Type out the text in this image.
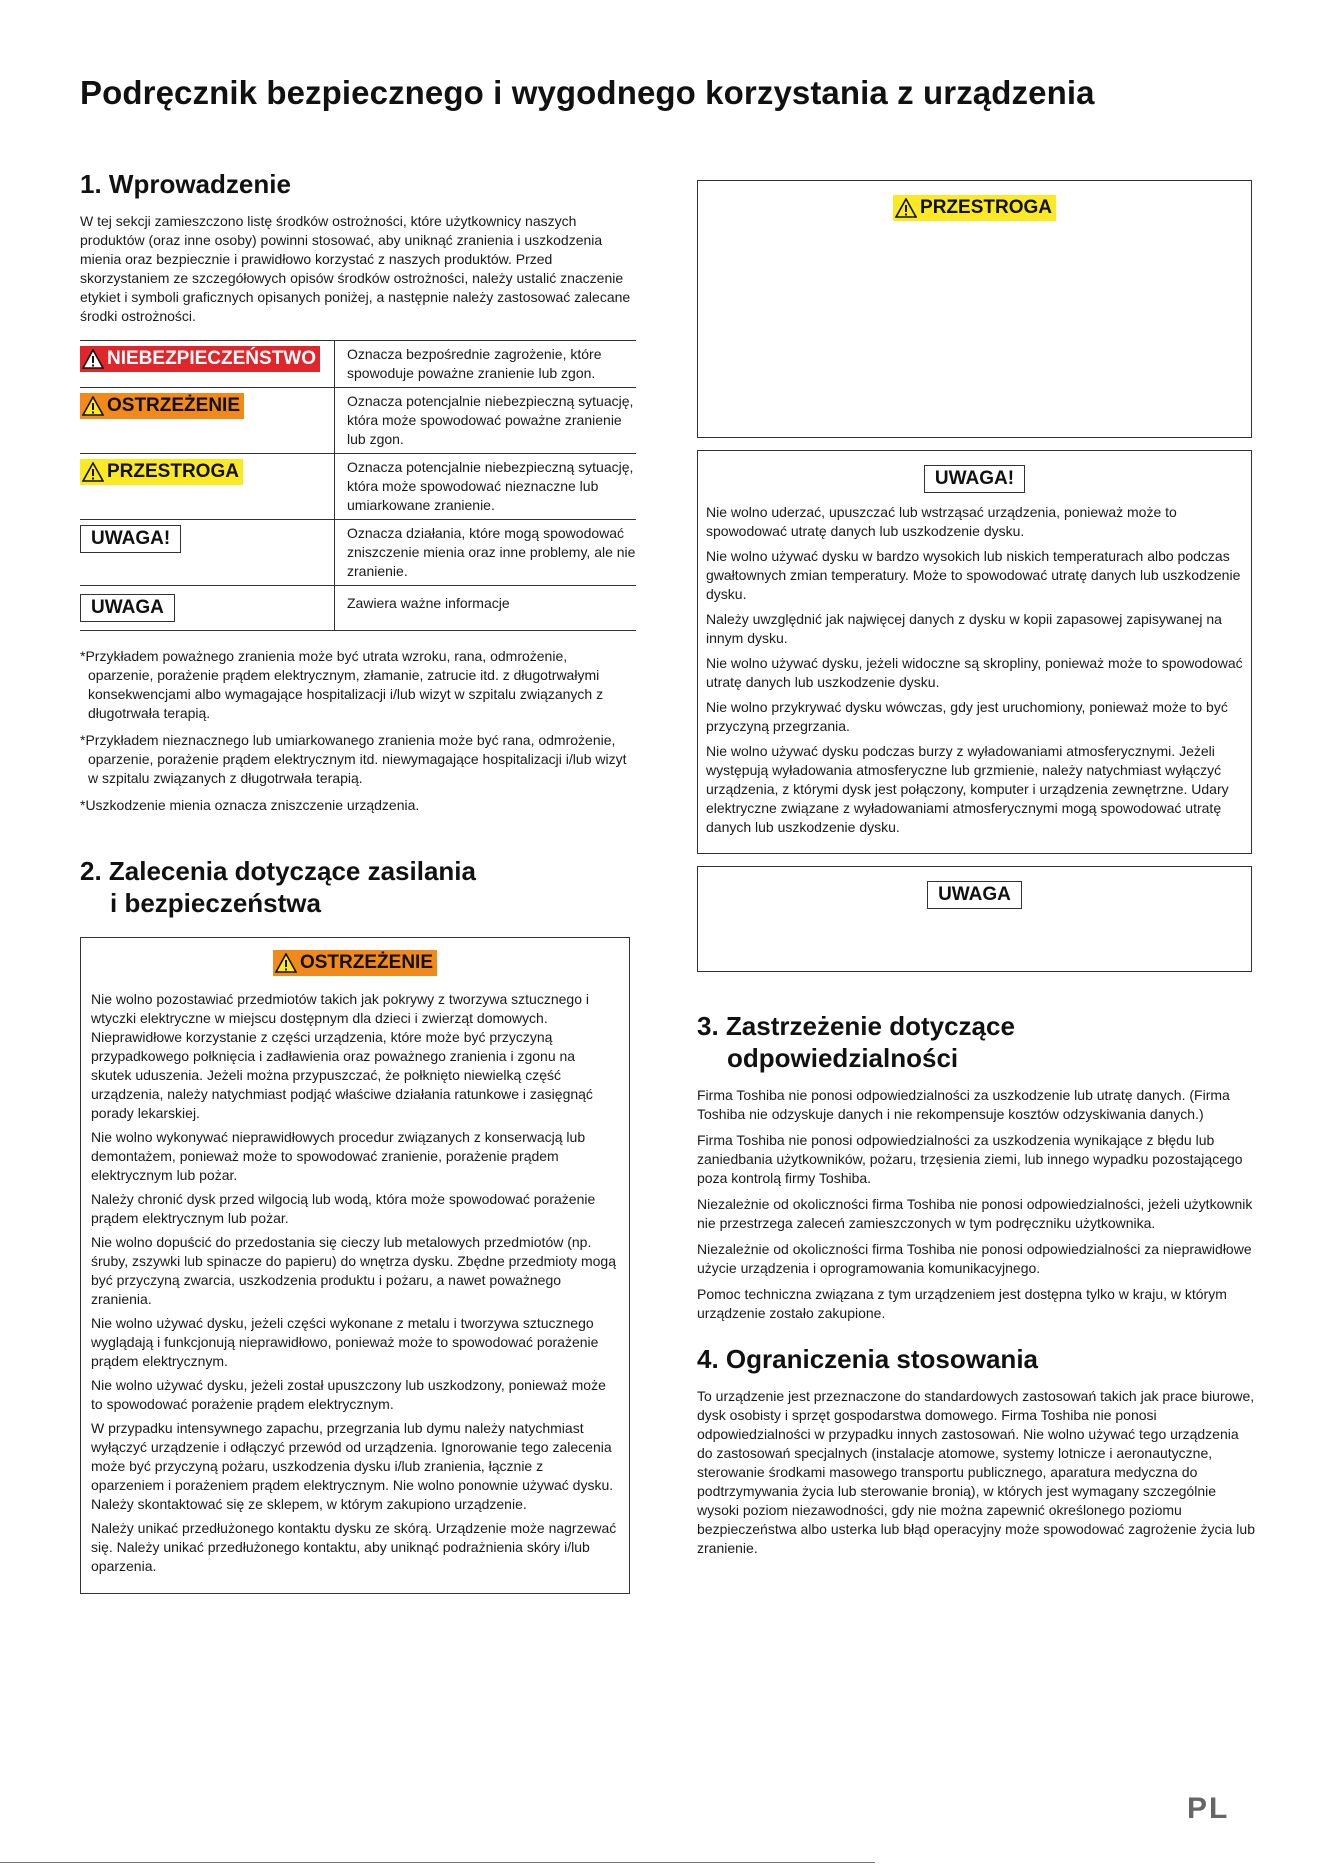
Podręcznik bezpiecznego i wygodnego korzystania z urządzenia
1. Wprowadzenie

W tej sekcji zamieszczono listę środków ostrożności, które użytkownicy naszych produktów (oraz inne osoby) powinni stosować, aby uniknąć zranienia i uszkodzenia mienia oraz bezpiecznie i prawidłowo korzystać z naszych produktów. Przed skorzystaniem ze szczegółowych opisów środków ostrożności, należy ustalić znaczenie etykiet i symboli graficznych opisanych poniżej, a następnie należy zastosować zalecane środki ostrożności.

NIEBEZPIECZEŃSTWO	Oznacza bezpośrednie zagrożenie, które spowoduje poważne zranienie lub zgon.

OSTRZEŻENIE	Oznacza potencjalnie niebezpieczną sytuację, która może spowodować poważne zranienie lub zgon.

PRZESTROGA	Oznacza potencjalnie niebezpieczną sytuację, która może spowodować nieznaczne lub umiarkowane zranienie.
UWAGA!	Oznacza działania, które mogą spowodować zniszczenie mienia oraz inne problemy, ale nie zranienie.
UWAGA	Zawiera ważne informacje

*Przykładem poważnego zranienia może być utrata wzroku, rana, odmrożenie, oparzenie, porażenie prądem elektrycznym, złamanie, zatrucie itd. z długotrwałymi konsekwencjami albo wymagające hospitalizacji i/lub wizyt w szpitalu związanych z długotrwała terapią.

*Przykładem nieznacznego lub umiarkowanego zranienia może być rana, odmrożenie, oparzenie, porażenie prądem elektrycznym itd. niewymagające hospitalizacji i/lub wizyt w szpitalu związanych z długotrwała terapią.

*Uszkodzenie mienia oznacza zniszczenie urządzenia.

2. Zalecenia dotyczące zasilania
i bezpieczeństwa
OSTRZEŻENIE

Nie wolno pozostawiać przedmiotów takich jak pokrywy z tworzywa sztucznego i wtyczki elektryczne w miejscu dostępnym dla dzieci i zwierząt domowych. Nieprawidłowe korzystanie z części urządzenia, które może być przyczyną przypadkowego połknięcia i zadławienia oraz poważnego zranienia i zgonu na skutek uduszenia. Jeżeli można przypuszczać, że połknięto niewielką część urządzenia, należy natychmiast podjąć właściwe działania ratunkowe i zasięgnąć porady lekarskiej.

Nie wolno wykonywać nieprawidłowych procedur związanych z konserwacją lub demontażem, ponieważ może to spowodować zranienie, porażenie prądem elektrycznym lub pożar.

Należy chronić dysk przed wilgocią lub wodą, która może spowodować porażenie prądem elektrycznym lub pożar.

Nie wolno dopuścić do przedostania się cieczy lub metalowych przedmiotów (np. śruby, zszywki lub spinacze do papieru) do wnętrza dysku. Zbędne przedmioty mogą być przyczyną zwarcia, uszkodzenia produktu i pożaru, a nawet poważnego zranienia.

Nie wolno używać dysku, jeżeli części wykonane z metalu i tworzywa sztucznego wyglądają i funkcjonują nieprawidłowo, ponieważ może to spowodować porażenie prądem elektrycznym.

Nie wolno używać dysku, jeżeli został upuszczony lub uszkodzony, ponieważ może to spowodować porażenie prądem elektrycznym.

W przypadku intensywnego zapachu, przegrzania lub dymu należy natychmiast wyłączyć urządzenie i odłączyć przewód od urządzenia. Ignorowanie tego zalecenia może być przyczyną pożaru, uszkodzenia dysku i/lub zranienia, łącznie z oparzeniem i porażeniem prądem elektrycznym. Nie wolno ponownie używać dysku. Należy skontaktować się ze sklepem, w którym zakupiono urządzenie.

Należy unikać przedłużonego kontaktu dysku ze skórą. Urządzenie może nagrzewać się. Należy unikać przedłużonego kontaktu, aby uniknąć podrażnienia skóry i/lub oparzenia.

PRZESTROGA
UWAGA!

Nie wolno uderzać, upuszczać lub wstrząsać urządzenia, ponieważ może to spowodować utratę danych lub uszkodzenie dysku.

Nie wolno używać dysku w bardzo wysokich lub niskich temperaturach albo podczas gwałtownych zmian temperatury. Może to spowodować utratę danych lub uszkodzenie dysku.

Należy uwzględnić jak najwięcej danych z dysku w kopii zapasowej zapisywanej na innym dysku.

Nie wolno używać dysku, jeżeli widoczne są skropliny, ponieważ może to spowodować utratę danych lub uszkodzenie dysku.

Nie wolno przykrywać dysku wówczas, gdy jest uruchomiony, ponieważ może to być przyczyną przegrzania.

Nie wolno używać dysku podczas burzy z wyładowaniami atmosferycznymi. Jeżeli występują wyładowania atmosferyczne lub grzmienie, należy natychmiast wyłączyć urządzenia, z którymi dysk jest połączony, komputer i urządzenia zewnętrzne. Udary elektryczne związane z wyładowaniami atmosferycznymi mogą spowodować utratę danych lub uszkodzenie dysku.

UWAGA
3. Zastrzeżenie dotyczące
odpowiedzialności

Firma Toshiba nie ponosi odpowiedzialności za uszkodzenie lub utratę danych. (Firma Toshiba nie odzyskuje danych i nie rekompensuje kosztów odzyskiwania danych.)

Firma Toshiba nie ponosi odpowiedzialności za uszkodzenia wynikające z błędu lub zaniedbania użytkowników, pożaru, trzęsienia ziemi, lub innego wypadku pozostającego poza kontrolą firmy Toshiba.

Niezależnie od okoliczności firma Toshiba nie ponosi odpowiedzialności, jeżeli użytkownik nie przestrzega zaleceń zamieszczonych w tym podręczniku użytkownika.

Niezależnie od okoliczności firma Toshiba nie ponosi odpowiedzialności za nieprawidłowe użycie urządzenia i oprogramowania komunikacyjnego.

Pomoc techniczna związana z tym urządzeniem jest dostępna tylko w kraju, w którym urządzenie zostało zakupione.

4. Ograniczenia stosowania

To urządzenie jest przeznaczone do standardowych zastosowań takich jak prace biurowe, dysk osobisty i sprzęt gospodarstwa domowego. Firma Toshiba nie ponosi odpowiedzialności w przypadku innych zastosowań. Nie wolno używać tego urządzenia do zastosowań specjalnych (instalacje atomowe, systemy lotnicze i aeronautyczne, sterowanie środkami masowego transportu publicznego, aparatura medyczna do podtrzymywania życia lub sterowanie bronią), w których jest wymagany szczególnie wysoki poziom niezawodności, gdy nie można zapewnić określonego poziomu bezpieczeństwa albo usterka lub błąd operacyjny może spowodować zagrożenie życia lub zranienie.

PL
